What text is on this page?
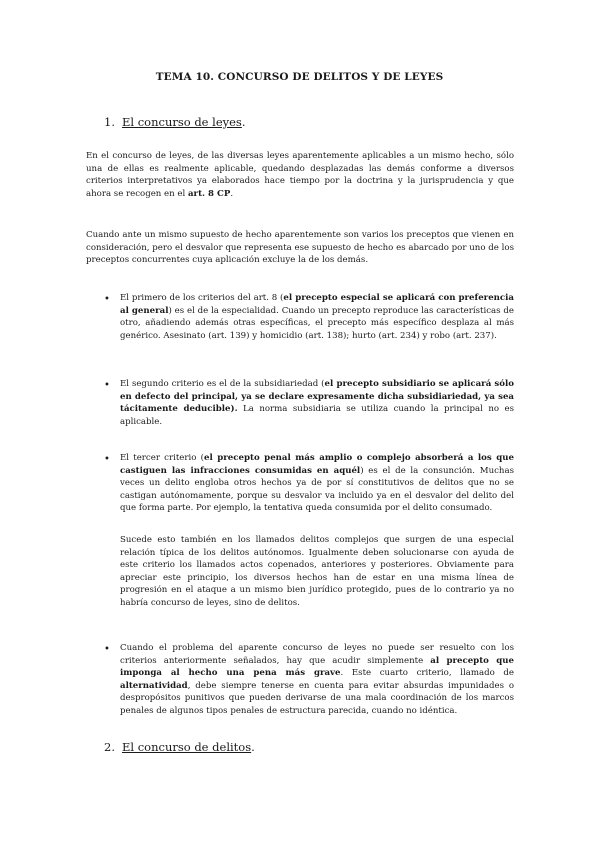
TEMA 10. CONCURSO DE DELITOS Y DE LEYES
1. El concurso de leyes.
En el concurso de leyes, de las diversas leyes aparentemente aplicables a un mismo hecho, sólo una de ellas es realmente aplicable, quedando desplazadas las demás conforme a diversos criterios interpretativos ya elaborados hace tiempo por la doctrina y la jurisprudencia y que ahora se recogen en el art. 8 CP.
Cuando ante un mismo supuesto de hecho aparentemente son varios los preceptos que vienen en consideración, pero el desvalor que representa ese supuesto de hecho es abarcado por uno de los preceptos concurrentes cuya aplicación excluye la de los demás.
• El primero de los criterios del art. 8 (el precepto especial se aplicará con preferencia al general) es el de la especialidad. Cuando un precepto reproduce las características de otro, añadiendo además otras específicas, el precepto más específico desplaza al más genérico. Asesinato (art. 139) y homicidio (art. 138); hurto (art. 234) y robo (art. 237).
• El segundo criterio es el de la subsidiariedad (el precepto subsidiario se aplicará sólo en defecto del principal, ya se declare expresamente dicha subsidiariedad, ya sea tácitamente deducible). La norma subsidiaria se utiliza cuando la principal no es aplicable.
• El tercer criterio (el precepto penal más amplio o complejo absorberá a los que castiguen las infracciones consumidas en aquél) es el de la consunción. Muchas veces un delito engloba otros hechos ya de por sí constitutivos de delitos que no se castigan autónomamente, porque su desvalor va incluido ya en el desvalor del delito del que forma parte. Por ejemplo, la tentativa queda consumida por el delito consumado.
Sucede esto también en los llamados delitos complejos que surgen de una especial relación típica de los delitos autónomos. Igualmente deben solucionarse con ayuda de este criterio los llamados actos copenados, anteriores y posteriores. Obviamente para apreciar este principio, los diversos hechos han de estar en una misma línea de progresión en el ataque a un mismo bien jurídico protegido, pues de lo contrario ya no habría concurso de leyes, sino de delitos.
• Cuando el problema del aparente concurso de leyes no puede ser resuelto con los criterios anteriormente señalados, hay que acudir simplemente al precepto que imponga al hecho una pena más grave. Este cuarto criterio, llamado de alternatividad, debe siempre tenerse en cuenta para evitar absurdas impunidades o despropósitos punitivos que pueden derivarse de una mala coordinación de los marcos penales de algunos tipos penales de estructura parecida, cuando no idéntica.
2. El concurso de delitos.
